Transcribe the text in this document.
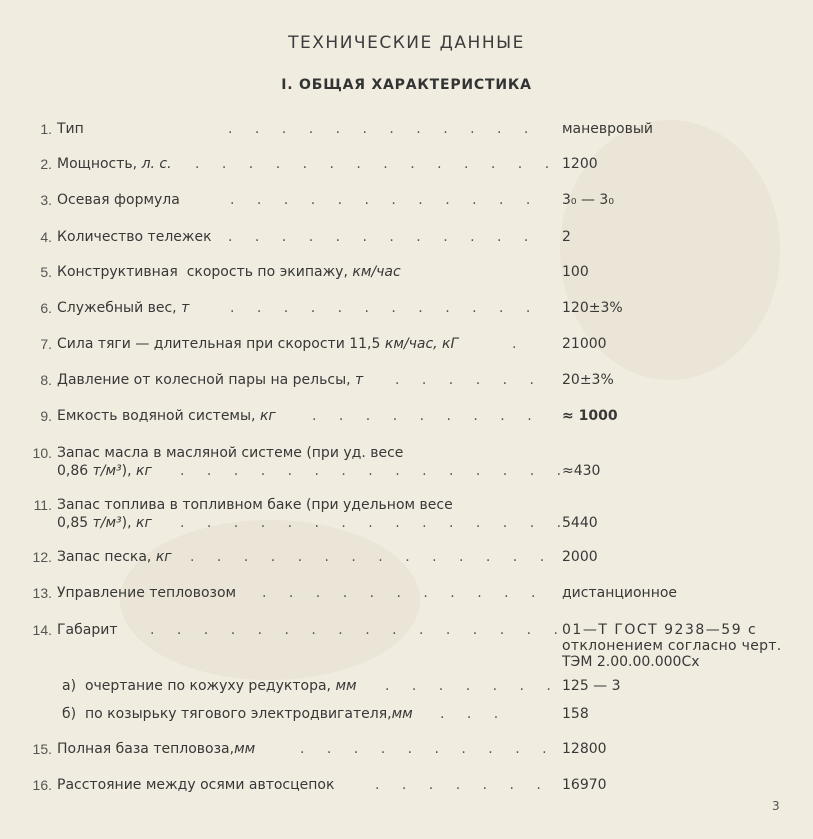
ТЕХНИЧЕСКИЕ ДАННЫЕ
I. ОБЩАЯ ХАРАКТЕРИСТИКА
1. Тип	. . . . . . . . . . . . маневровый
2. Мощность, л. с. . . . . . . . . . . . . . . 1200
3. Осевая формула	. . . . . . . . . . . . 3₀ — 3₀
4. Количество тележек . . . . . . . . . . . . 2
5. Конструктивная  скорость по экипажу, км/час	100
6. Служебный вес, т	. . . . . . . . . . . . 120±3%
7. Сила тяги — длительная при скорости 11,5 км/час, кГ	.	21000
8. Давление от колесной пары на рельсы, т . . . . . . 20±3%
9. Емкость водяной системы, кг	. . . . . . . . . ≈ 1000
10. Запас масла в масляной системе (при уд. весе
0,86 т/м³), кг . . . . . . . . . . . . . . .
≈430
11. Запас топлива в топливном баке (при удельном весе
0,85 т/м³), кг . . . . . . . . . . . . . . .
5440
12. Запас песка, кг . . . . . . . . . . . . . . 2000
13. Управление тепловозом . . . . . . . . . . . дистанционное
14. Габарит . . . . . . . . . . . . . . . .
01—Т ГОСТ 9238—59 с
отклонением согласно черт.
ТЭМ 2.00.00.000Сх
а)  очертание по кожуху редуктора, мм . . . . . . . 125 — 3
б)  по козырьку тягового электродвигателя,мм . . .	158
15. Полная база тепловоза,мм	. . . . . . . . . . 12800
16. Расстояние между осями автосцепок	. . . . . . . 16970
3
